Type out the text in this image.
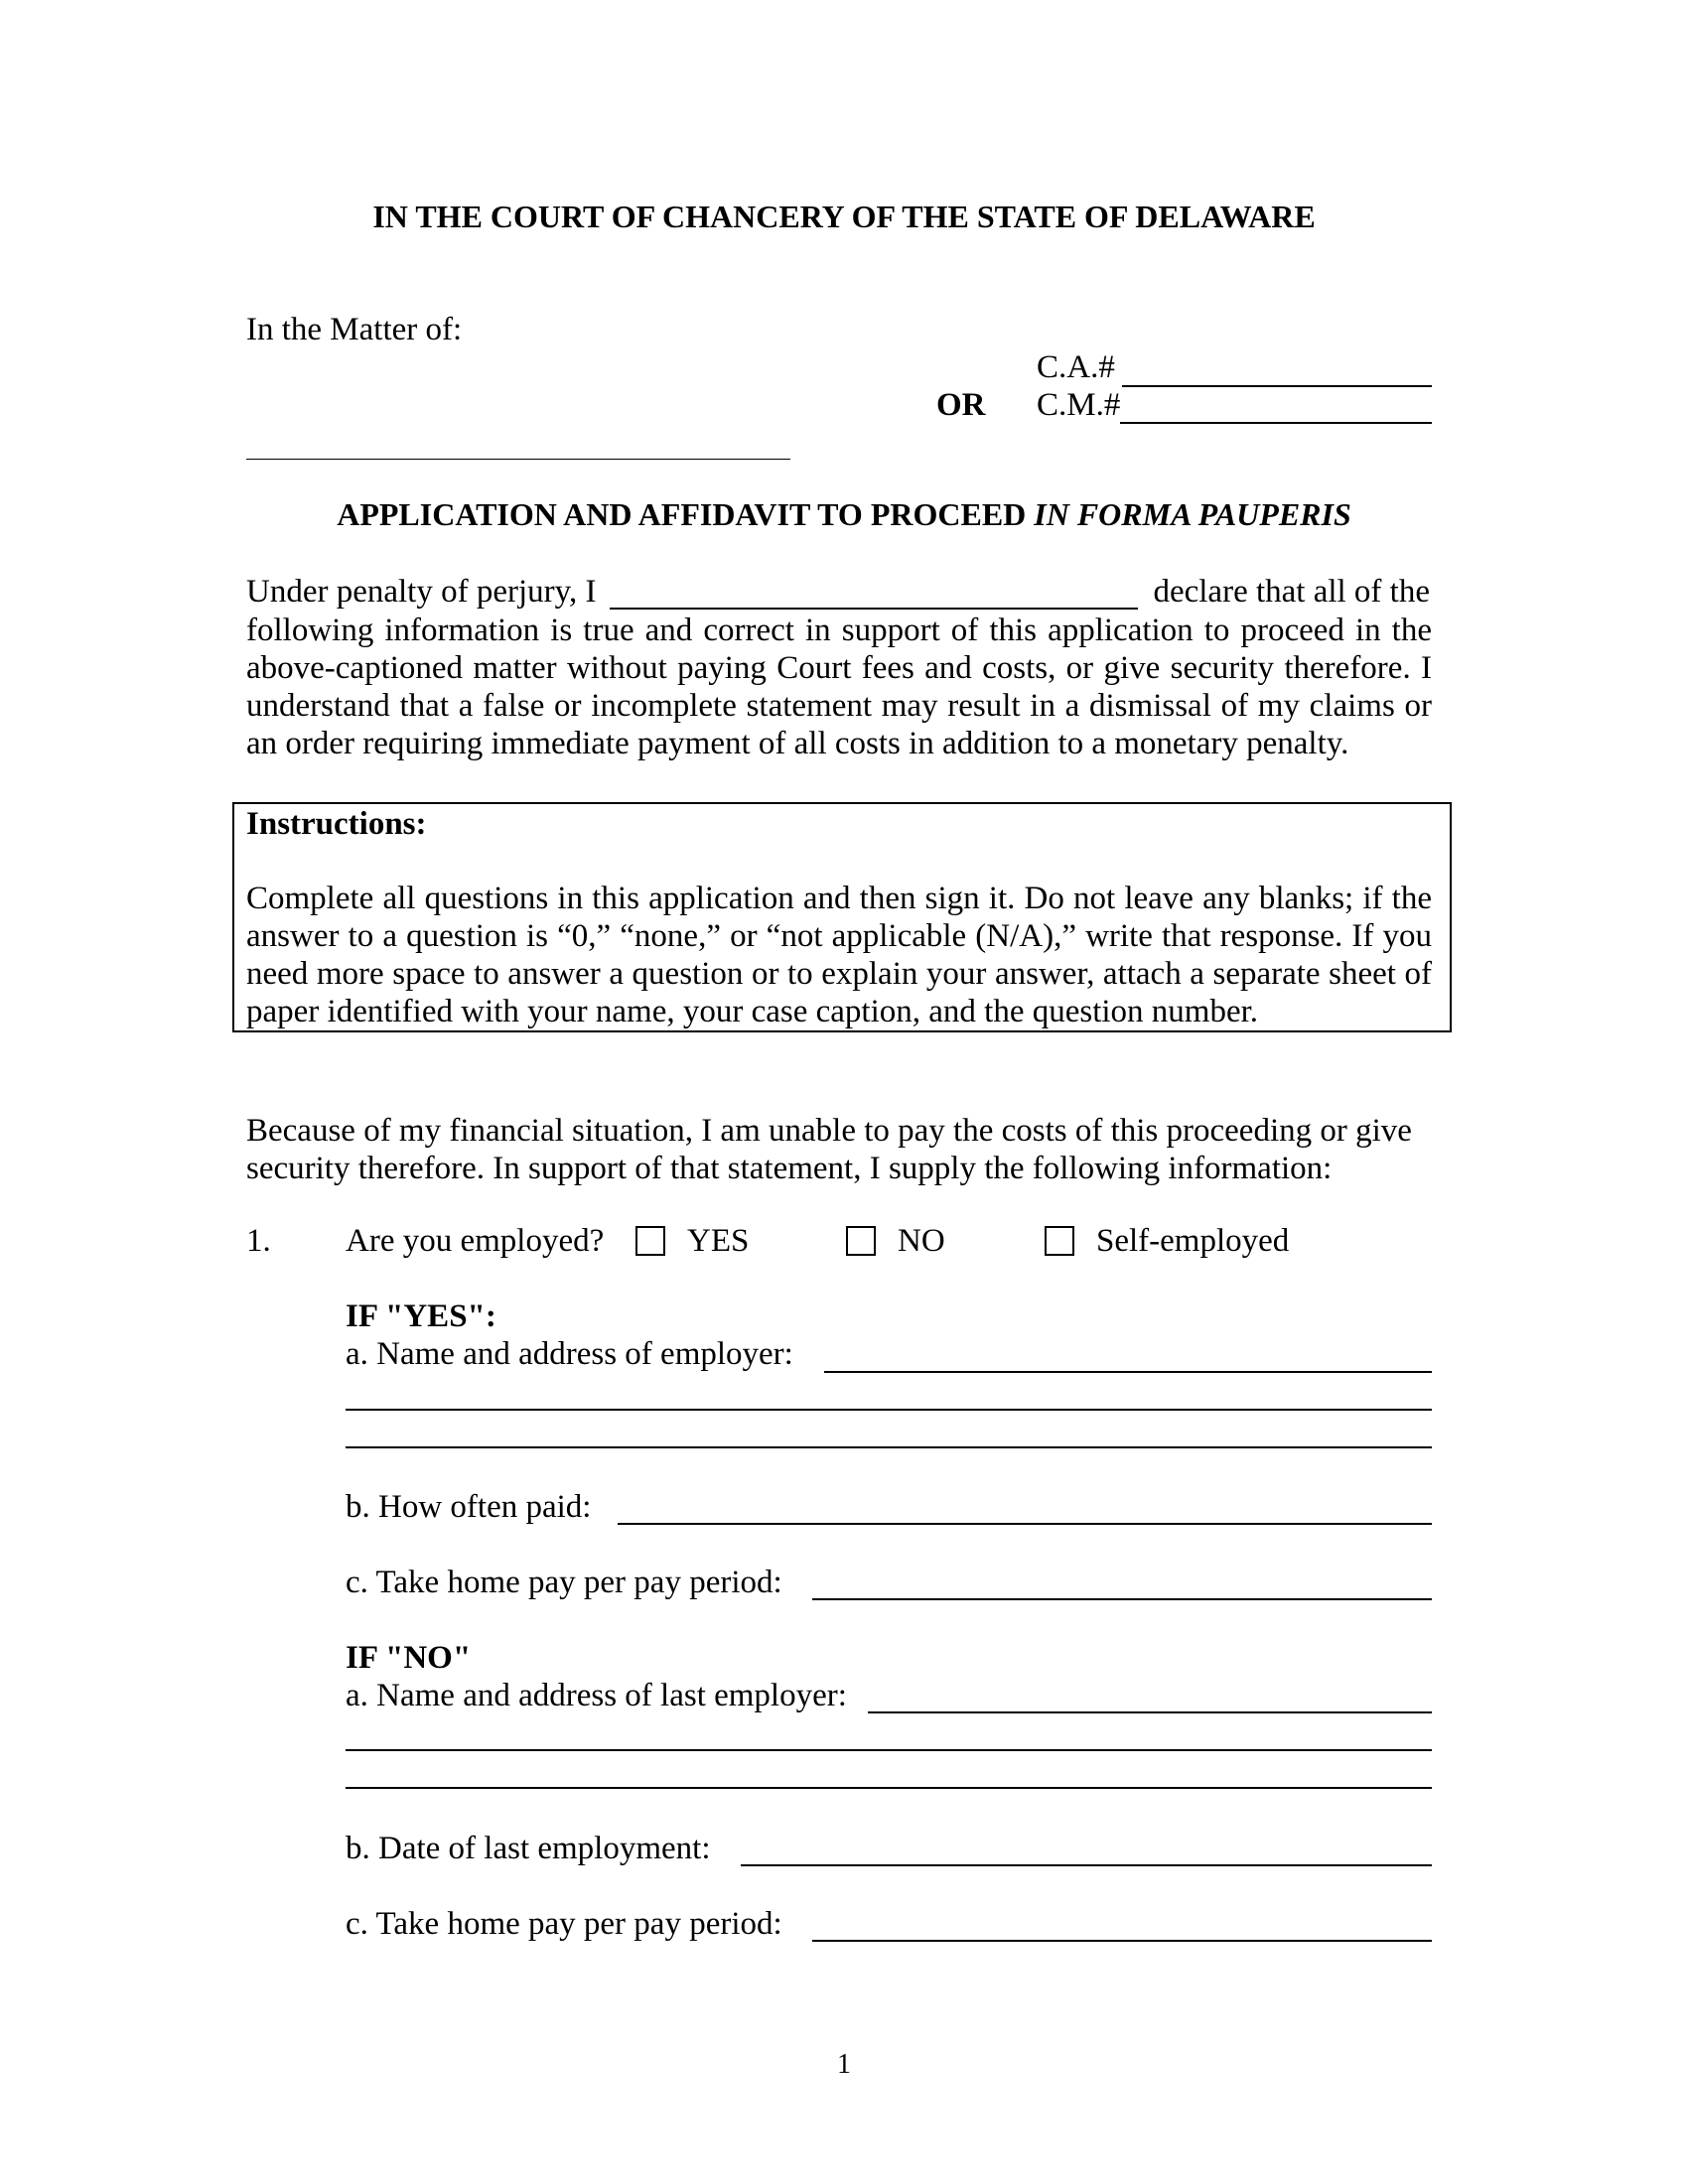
IN THE COURT OF CHANCERY OF THE STATE OF DELAWARE
In the Matter of:
C.A.#
OR C.M.#
APPLICATION AND AFFIDAVIT TO PROCEED IN FORMA PAUPERIS
Under penalty of perjury, I	declare that all of the
following information is true and correct in support of this application to proceed in the above-captioned matter without paying Court fees and costs, or give security therefore. I understand that a false or incomplete statement may result in a dismissal of my claims or an order requiring immediate payment of all costs in addition to a monetary penalty.
Instructions:
Complete all questions in this application and then sign it. Do not leave any blanks; if the answer to a question is “0,” “none,” or “not applicable (N/A),” write that response. If you need more space to answer a question or to explain your answer, attach a separate sheet of paper identified with your name, your case caption, and the question number.
Because of my financial situation, I am unable to pay the costs of this proceeding or give security therefore. In support of that statement, I supply the following information:
1. Are you employed?	YES	NO	Self-employed
IF "YES":
a. Name and address of employer:
b. How often paid:
c. Take home pay per pay period:
IF "NO"
a. Name and address of last employer:
b. Date of last employment:
c. Take home pay per pay period:
1
